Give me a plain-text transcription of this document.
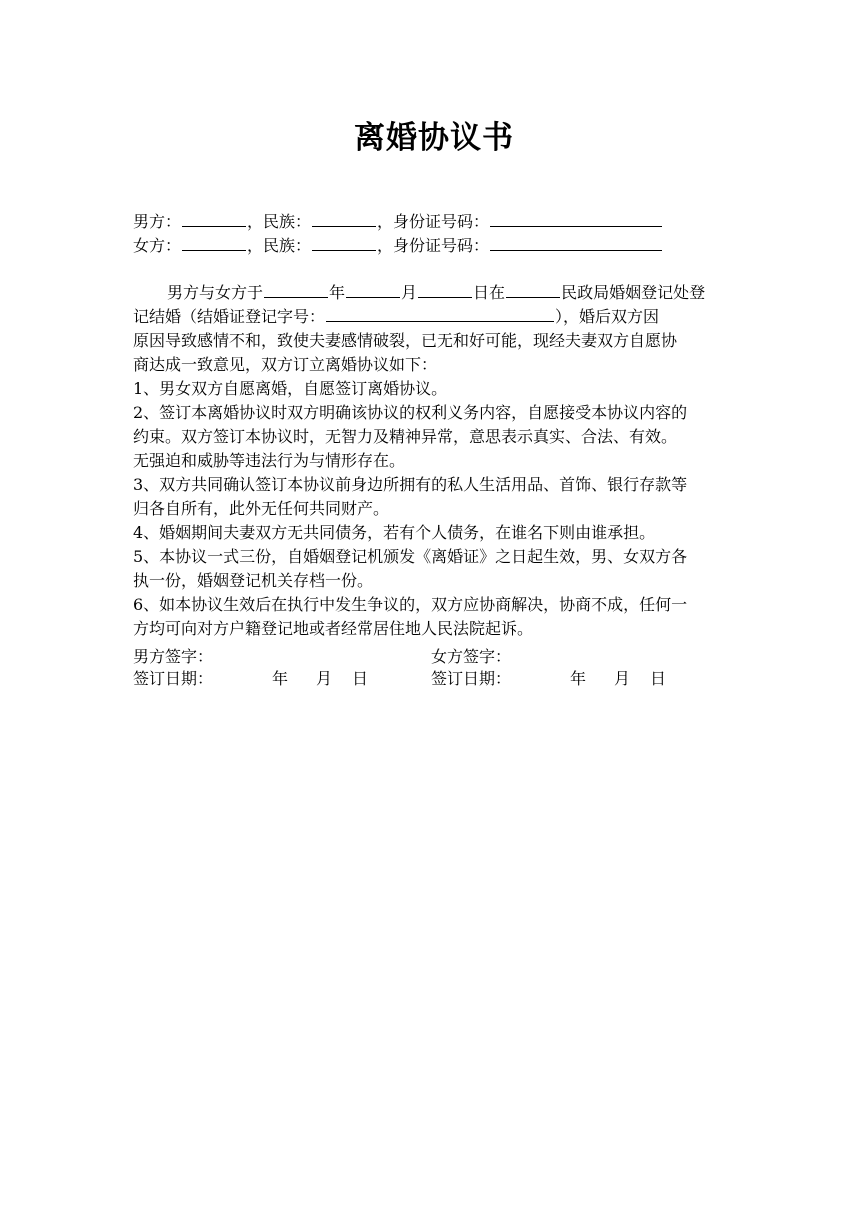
离婚协议书
男方：	，民族：	，身份证号码：
女方：	，民族：	，身份证号码：
男方与女方于	年	月	日在	民政局婚姻登记处登
记结婚（结婚证登记字号：	），婚后双方因
原因导致感情不和，致使夫妻感情破裂，已无和好可能，现经夫妻双方自愿协
商达成一致意见，双方订立离婚协议如下：
1、男女双方自愿离婚，自愿签订离婚协议。
2、签订本离婚协议时双方明确该协议的权利义务内容，自愿接受本协议内容的
约束。双方签订本协议时，无智力及精神异常，意思表示真实、合法、有效。
无强迫和威胁等违法行为与情形存在。
3、双方共同确认签订本协议前身边所拥有的私人生活用品、首饰、银行存款等
归各自所有，此外无任何共同财产。
4、婚姻期间夫妻双方无共同债务，若有个人债务，在谁名下则由谁承担。
5、本协议一式三份，自婚姻登记机颁发《离婚证》之日起生效，男、女双方各
执一份，婚姻登记机关存档一份。
6、如本协议生效后在执行中发生争议的，双方应协商解决，协商不成，任何一
方均可向对方户籍登记地或者经常居住地人民法院起诉。
男方签字：	女方签字：
签订日期：	年 月 日	签订日期：	年 月 日
